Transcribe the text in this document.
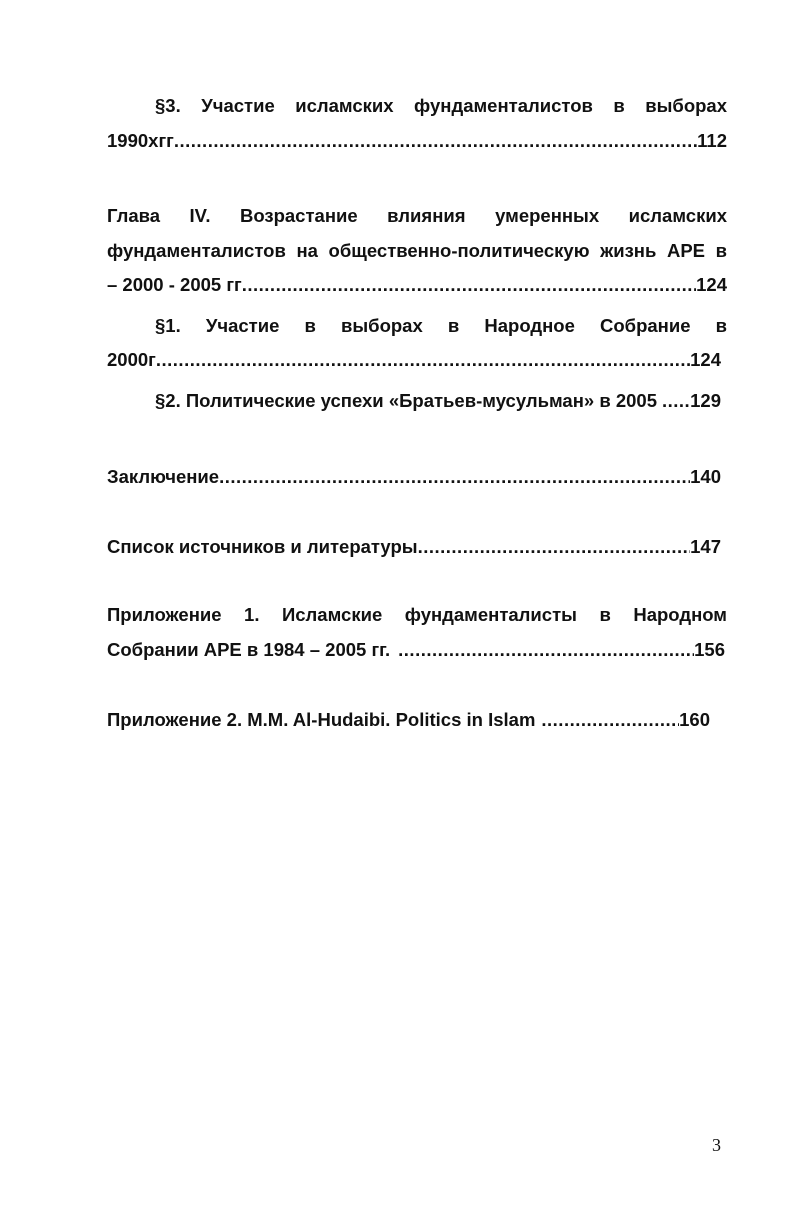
§3. Участие исламских фундаменталистов в выборах
1990хгг .....	112
Глава IV. Возрастание влияния умеренных исламских
фундаменталистов на общественно-политическую жизнь АРЕ в
– 2000 - 2005 гг .....	124
§1. Участие в выборах в Народное Собрание в
2000г .....	124
§2. Политические успехи «Братьев-мусульман» в 2005 ..... 129
Заключение .....	140
Список источников и литературы .....	147
Приложение 1. Исламские фундаменталисты в Народном
Собрании АРЕ в 1984 – 2005 гг. .....	156
Приложение 2. M.M. Al-Hudaibi. Politics in Islam .....	160
3
